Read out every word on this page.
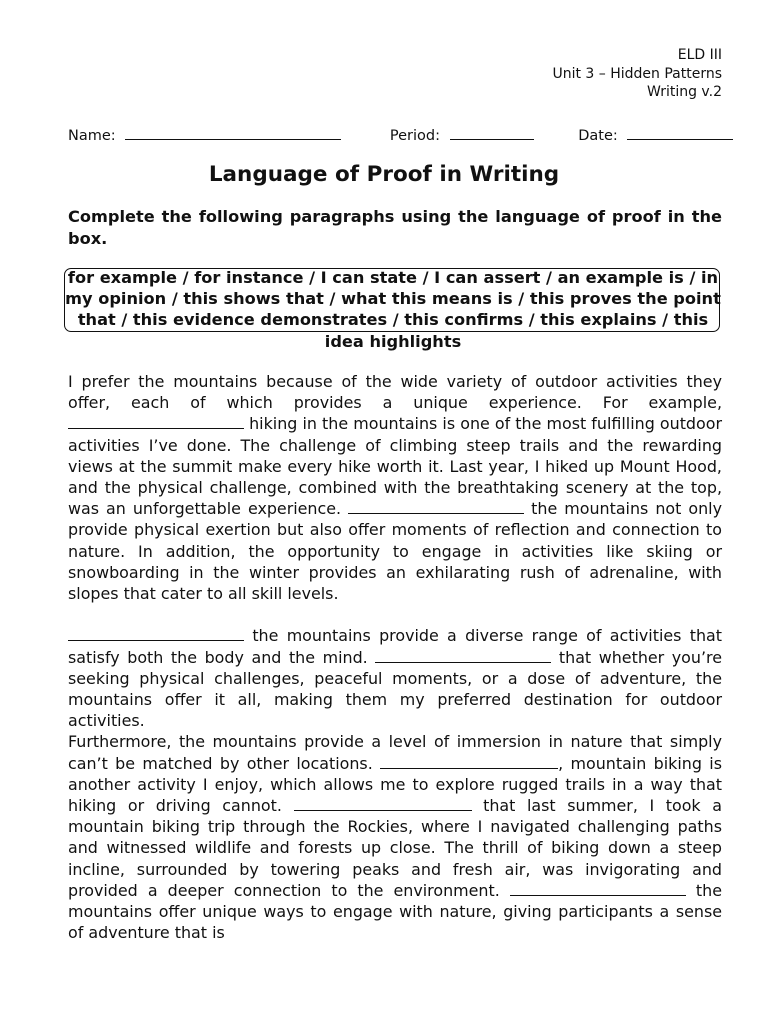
ELD III
Unit 3 – Hidden Patterns
Writing v.2
Name:	Period:	Date:
Language of Proof in Writing
Complete the following paragraphs using the language of proof in the box.
for example / for instance / I can state / I can assert / an example is / in my opinion / this shows that / what this means is / this proves the point that / this evidence demonstrates / this confirms / this explains / this idea highlights

I prefer the mountains because of the wide variety of outdoor activities they offer, each of which provides a unique experience. For example,  hiking in the mountains is one of the most fulfilling outdoor activities I’ve done. The challenge of climbing steep trails and the rewarding views at the summit make every hike worth it. Last year, I hiked up Mount Hood, and the physical challenge, combined with the breathtaking scenery at the top, was an unforgettable experience.	the mountains not only provide physical exertion but also offer moments of reflection and connection to nature. In addition, the opportunity to engage in activities like skiing or snowboarding in the winter provides an exhilarating rush of adrenaline, with slopes that cater to all skill levels.

the mountains provide a diverse range of activities that satisfy both the body and the mind.	that whether you’re seeking physical challenges, peaceful moments, or a dose of adventure, the mountains offer it all, making them my preferred destination for outdoor activities.

Furthermore, the mountains provide a level of immersion in nature that simply can’t be matched by other locations.	, mountain biking is another activity I enjoy, which allows me to explore rugged trails in a way that hiking or driving cannot.	that last summer, I took a mountain biking trip through the Rockies, where I navigated challenging paths and witnessed wildlife and forests up close. The thrill of biking down a steep incline, surrounded by towering peaks and fresh air, was invigorating and provided a deeper connection to the environment.	the mountains offer unique ways to engage with nature, giving participants a sense of adventure that is
